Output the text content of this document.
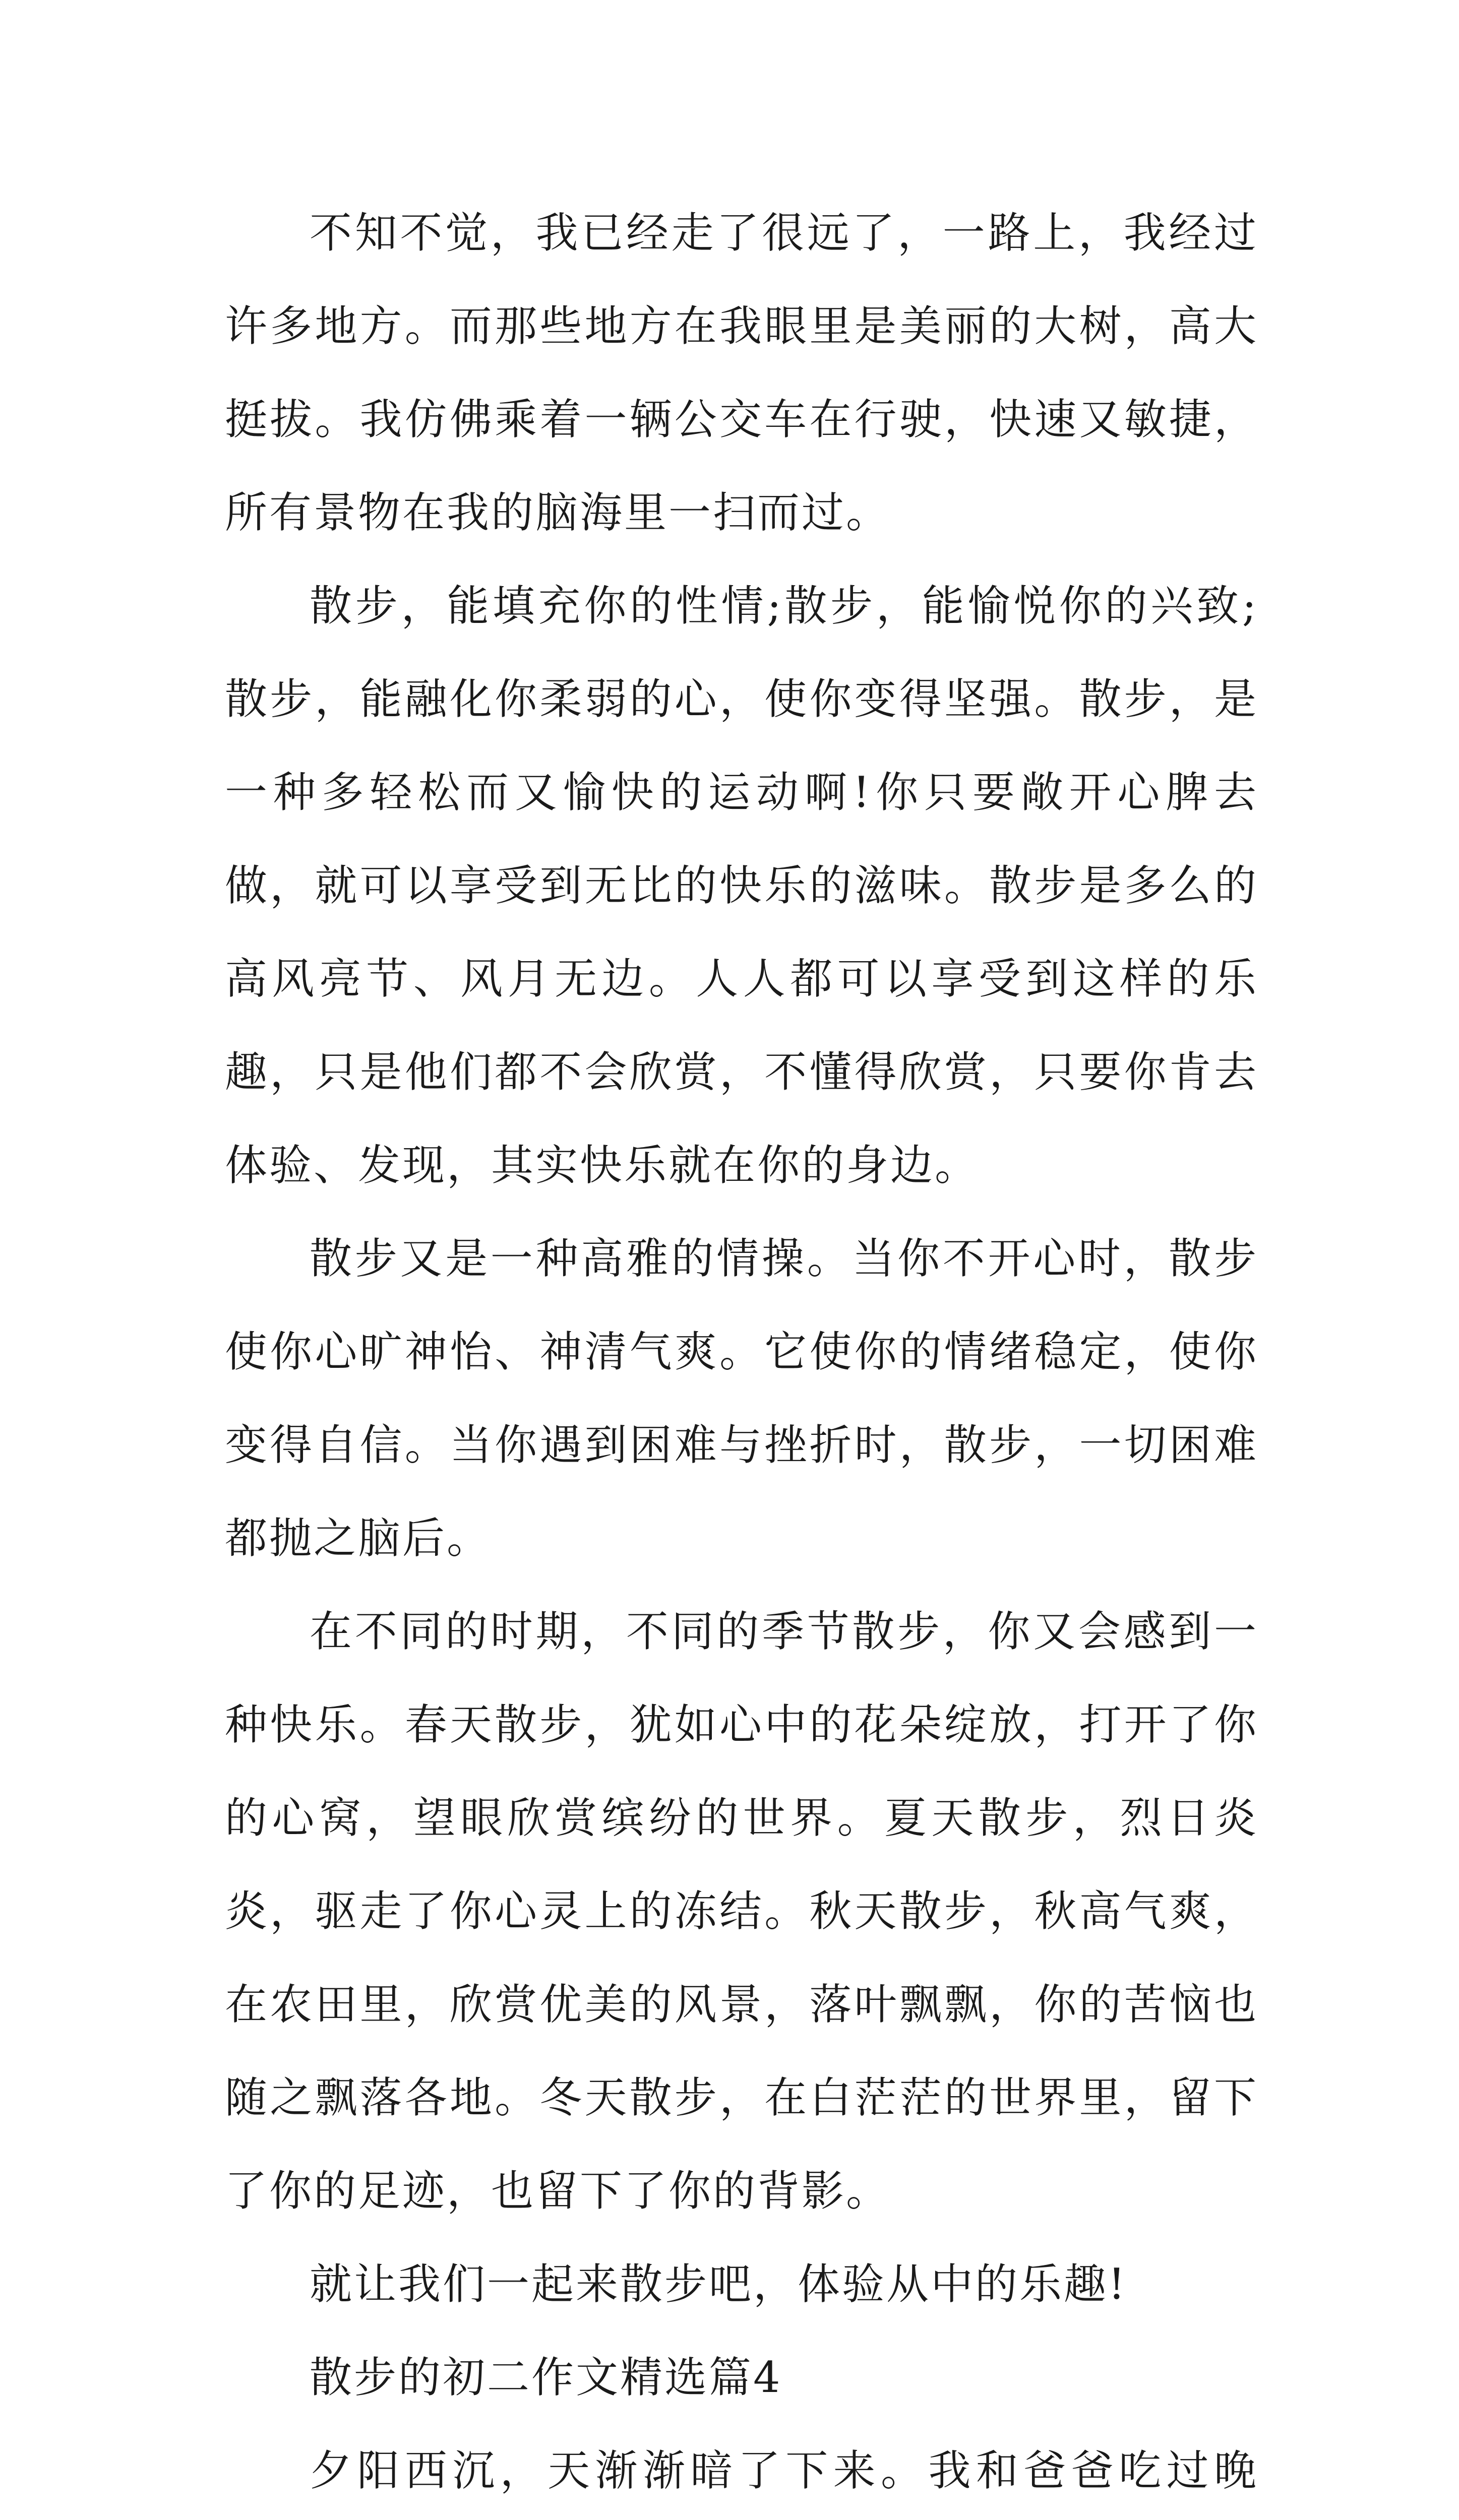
不知不觉，我已经走了很远了，一路上，我经过许多地方。而那些地方在我眼里是美丽的大树，高大挺拔。我仿佛乘着一辆公交车在行驶，快速又敏捷，所有景物在我的脑海里一扫而过。

散步，能填充你的性情;散步，能愉悦你的兴致;散步，能融化你柔弱的心，使你变得坚强。散步，是一种多轻松而又愉快的运动啊!你只要敞开心脾去做，就可以享受到无比的快乐的滋味。散步是多么的高风亮节、风月无边。人人都可以享受到这样的乐趣，只是他们都不会欣赏，不懂得欣赏，只要你肯去体验、发现，其实快乐就在你的身边。

散步又是一种高雅的情操。当你不开心时，散步使你心旷神怡、神清气爽。它使你的情绪稳定，使你变得自信。当你遇到困难与挫折时，散步，一切困难都抛之脑后。

在不同的时期，不同的季节散步，你又会感到一种快乐。春天散步，犹如心中的花朵绽放，打开了你的心窝，望眼欣赏缤纷的世界。夏天散步，烈日炎炎，驱走了你心灵上的冻结。秋天散步，秋高气爽，在农田里，欣赏优美的风景，落叶飘飘，你的苦恼也随之飘落各地。冬天散步，在白茫茫的世界里，留下了你的足迹，也留下了你的背影。

就让我们一起来散步吧，体验从中的乐趣!

散步的初二作文精选篇4

夕阳西沉，天渐渐暗了下来。我和爸爸吃过晚
